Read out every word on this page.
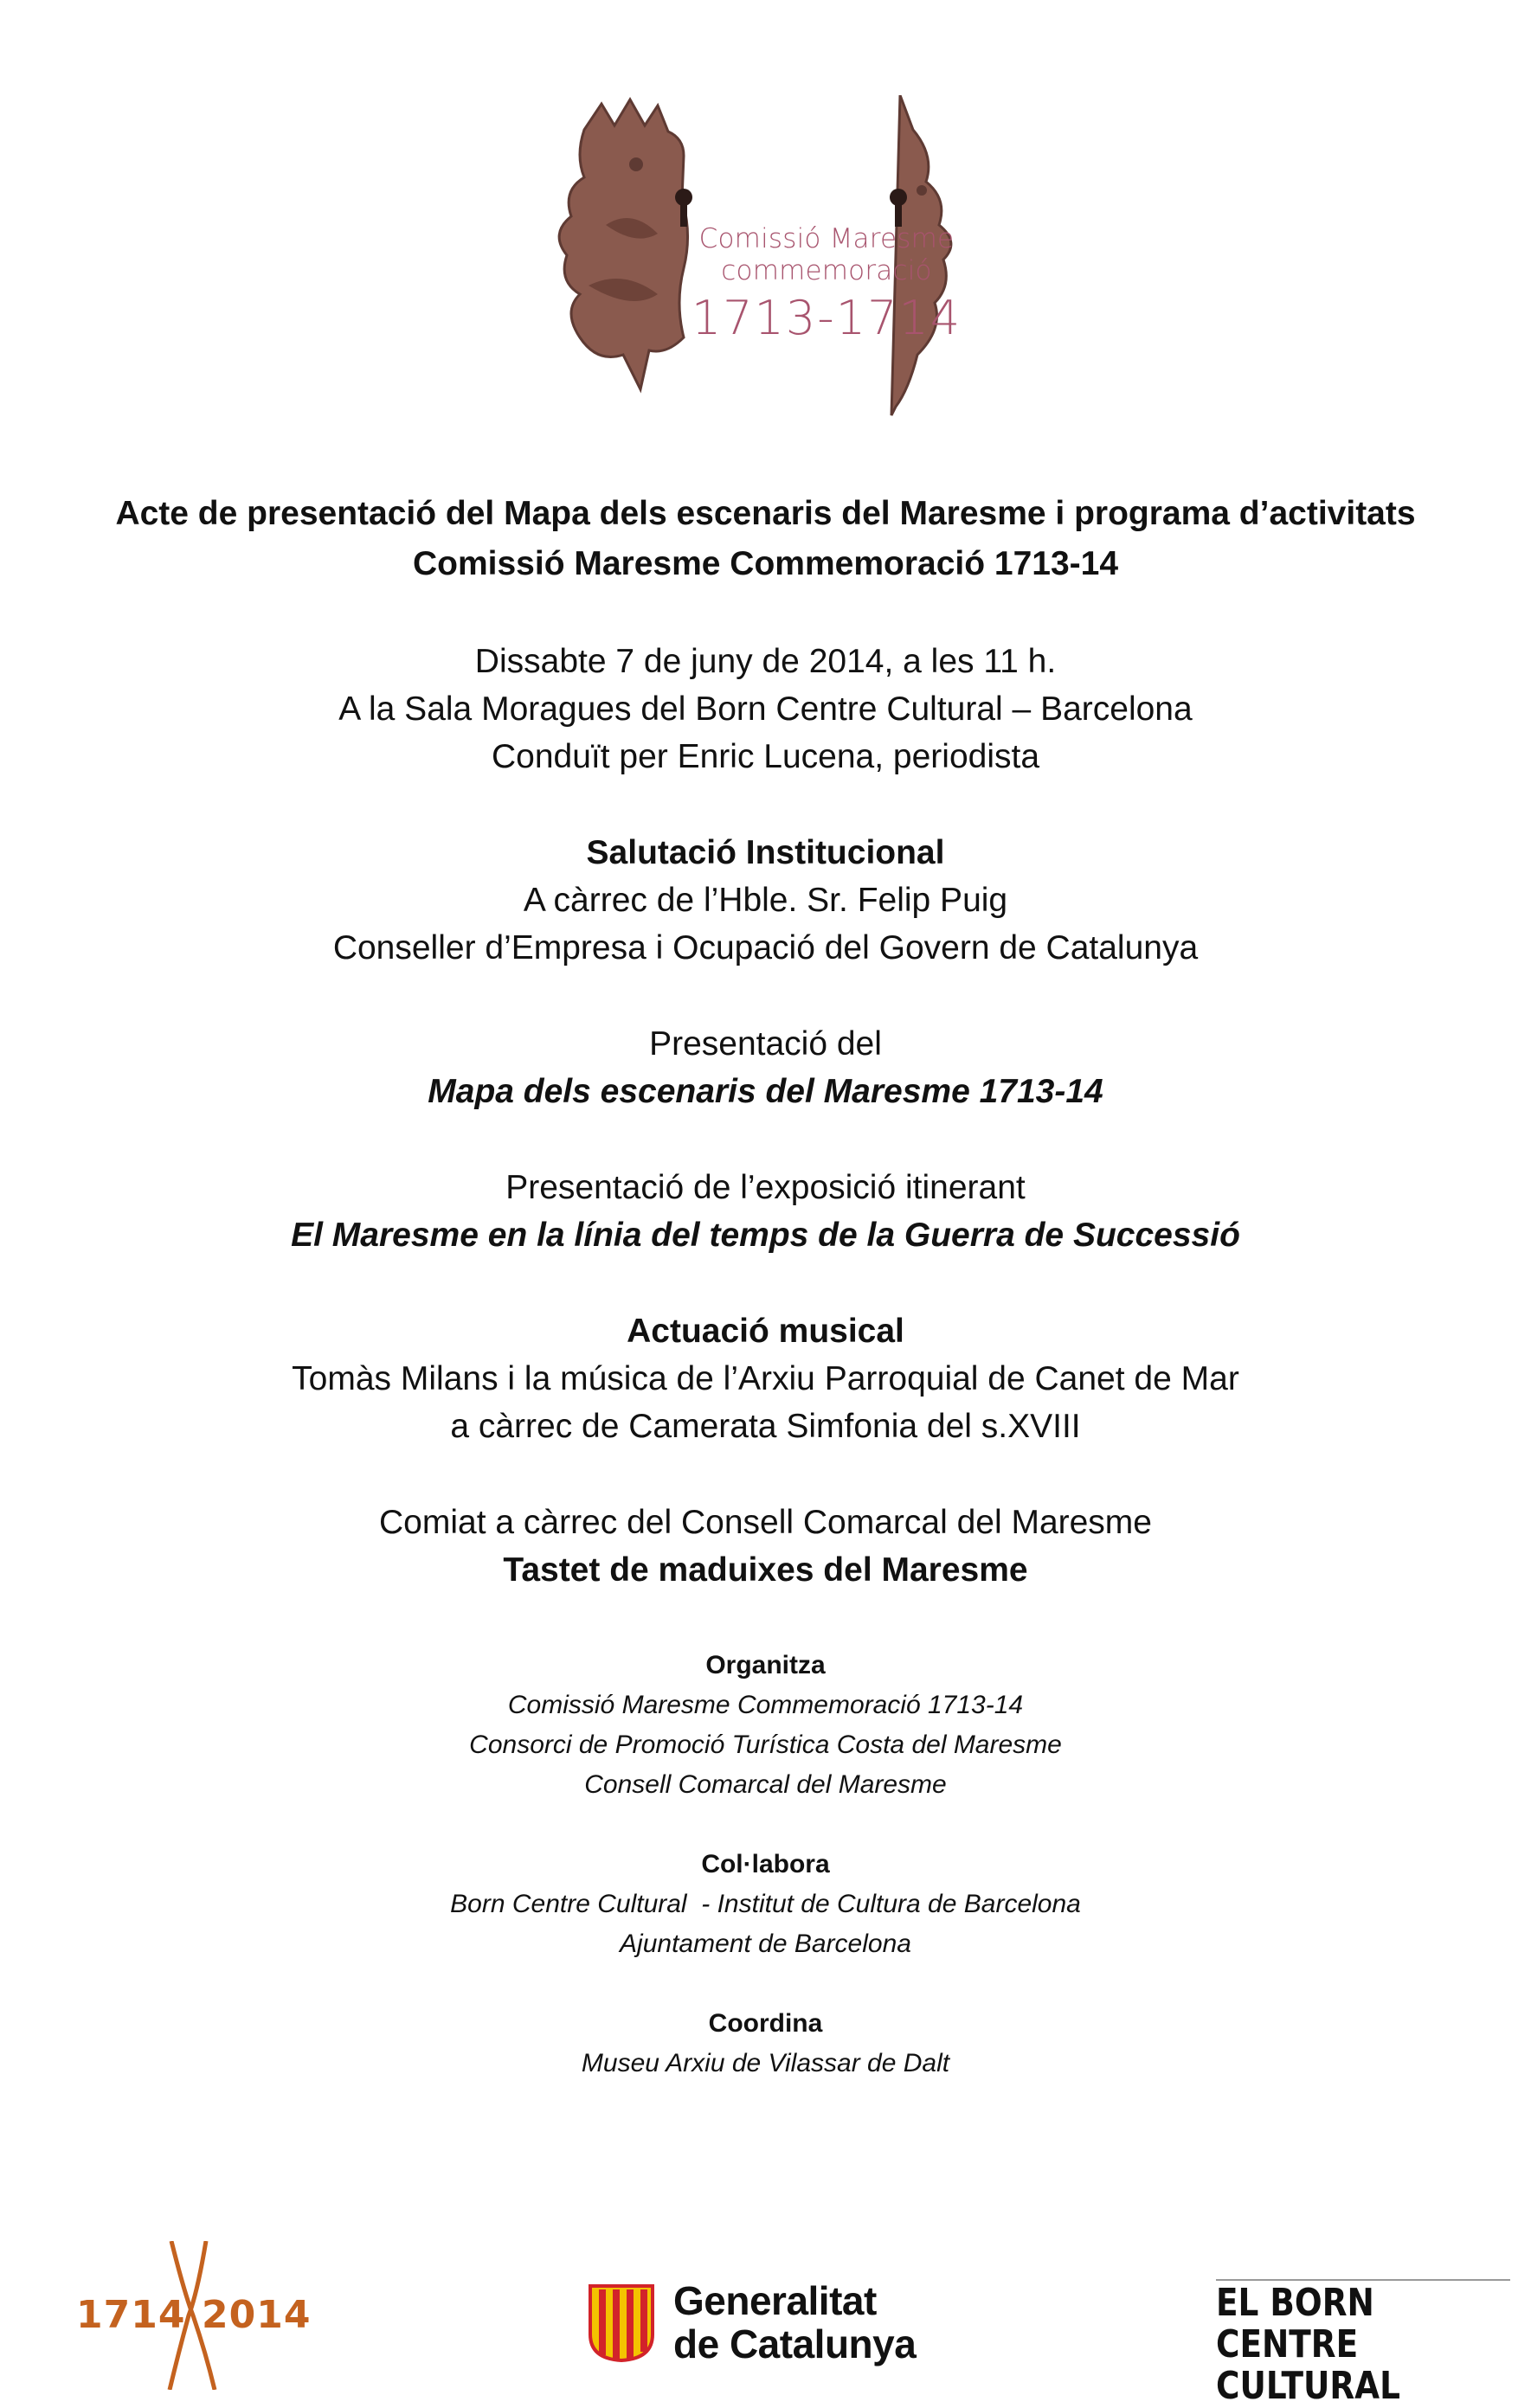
Comissió Maresme
commemoració
1713-1714

Acte de presentació del Mapa dels escenaris del Maresme i programa d’activitats

Comissió Maresme Commemoració 1713-14

Dissabte 7 de juny de 2014, a les 11 h.

A la Sala Moragues del Born Centre Cultural – Barcelona

Conduït per Enric Lucena, periodista

Salutació Institucional

A càrrec de l’Hble. Sr. Felip Puig

Conseller d’Empresa i Ocupació del Govern de Catalunya

Presentació del

Mapa dels escenaris del Maresme 1713-14

Presentació de l’exposició itinerant

El Maresme en la línia del temps de la Guerra de Successió

Actuació musical

Tomàs Milans i la música de l’Arxiu Parroquial de Canet de Mar

a càrrec de Camerata Simfonia del s.XVIII

Comiat a càrrec del Consell Comarcal del Maresme

Tastet de maduixes del Maresme

Organitza

Comissió Maresme Commemoració 1713-14

Consorci de Promoció Turística Costa del Maresme

Consell Comarcal del Maresme

Col·labora

Born Centre Cultural  - Institut de Cultura de Barcelona

Ajuntament de Barcelona

Coordina

Museu Arxiu de Vilassar de Dalt

1714 2014	Generalitat
de Catalunya
EL BORN
CENTRE CULTURAL
